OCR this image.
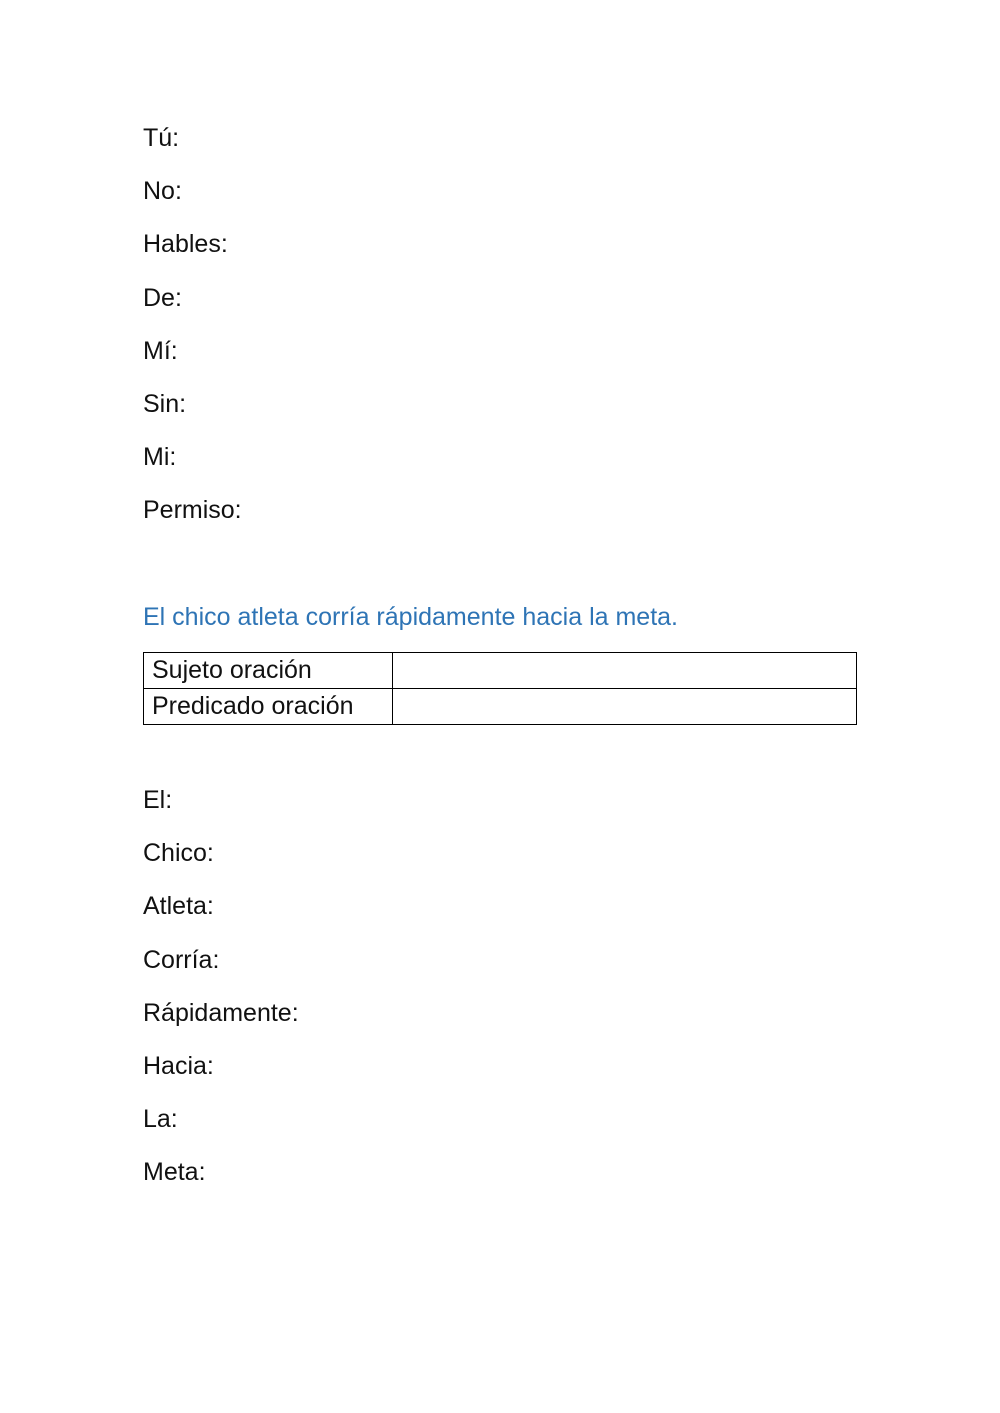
Tú:
No:
Hables:
De:
Mí:
Sin:
Mi:
Permiso:
El chico atleta corría rápidamente hacia la meta.
Sujeto oración	
Predicado oración	
El:
Chico:
Atleta:
Corría:
Rápidamente:
Hacia:
La:
Meta:
